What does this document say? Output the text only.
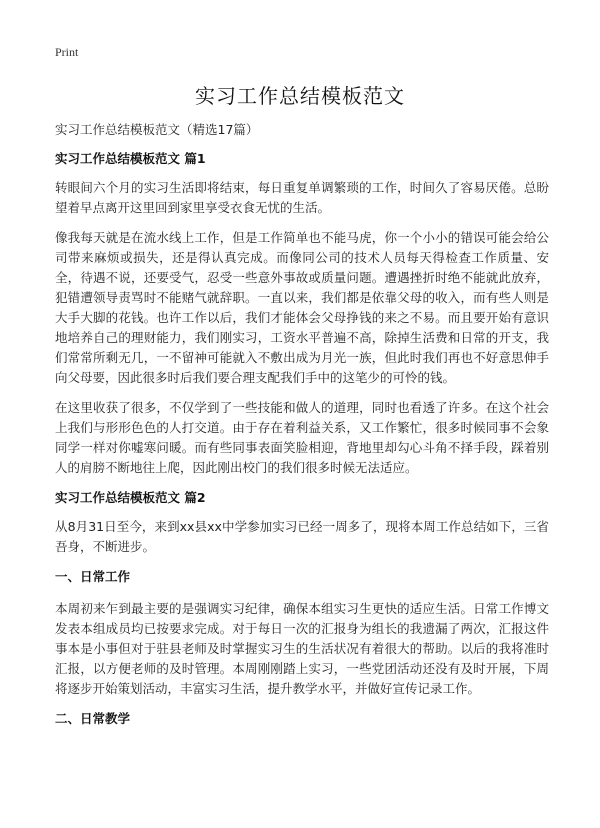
Print
实习工作总结模板范文

实习工作总结模板范文（精选17篇）

实习工作总结模板范文 篇1

转眼间六个月的实习生活即将结束，每日重复单调繁琐的工作，时间久了容易厌倦。总盼望着早点离开这里回到家里享受衣食无忧的生活。

像我每天就是在流水线上工作，但是工作简单也不能马虎，你一个小小的错误可能会给公司带来麻烦或损失，还是得认真完成。而像同公司的技术人员每天得检查工作质量、安全，待遇不说，还要受气，忍受一些意外事故或质量问题。遭遇挫折时绝不能就此放弃，犯错遭领导责骂时不能赌气就辞职。一直以来，我们都是依靠父母的收入，而有些人则是大手大脚的花钱。也许工作以后，我们才能体会父母挣钱的来之不易。而且要开始有意识地培养自己的理财能力，我们刚实习，工资水平普遍不高，除掉生活费和日常的开支，我们常常所剩无几，一不留神可能就入不敷出成为月光一族，但此时我们再也不好意思伸手向父母要，因此很多时后我们要合理支配我们手中的这笔少的可怜的钱。

在这里收获了很多，不仅学到了一些技能和做人的道理，同时也看透了许多。在这个社会上我们与形形色色的人打交道。由于存在着利益关系，又工作繁忙，很多时候同事不会象同学一样对你嘘寒问暖。而有些同事表面笑脸相迎，背地里却勾心斗角不择手段，踩着别人的肩膀不断地往上爬，因此刚出校门的我们很多时候无法适应。

实习工作总结模板范文 篇2

从8月31日至今，来到xx县xx中学参加实习已经一周多了，现将本周工作总结如下，三省吾身，不断进步。

一、日常工作

本周初来乍到最主要的是强调实习纪律，确保本组实习生更快的适应生活。日常工作博文发表本组成员均已按要求完成。对于每日一次的汇报身为组长的我遗漏了两次，汇报这件事本是小事但对于驻县老师及时掌握实习生的生活状况有着很大的帮助。以后的我将准时汇报，以方便老师的及时管理。本周刚刚踏上实习，一些党团活动还没有及时开展，下周将逐步开始策划活动，丰富实习生活，提升教学水平，并做好宣传记录工作。

二、日常教学
